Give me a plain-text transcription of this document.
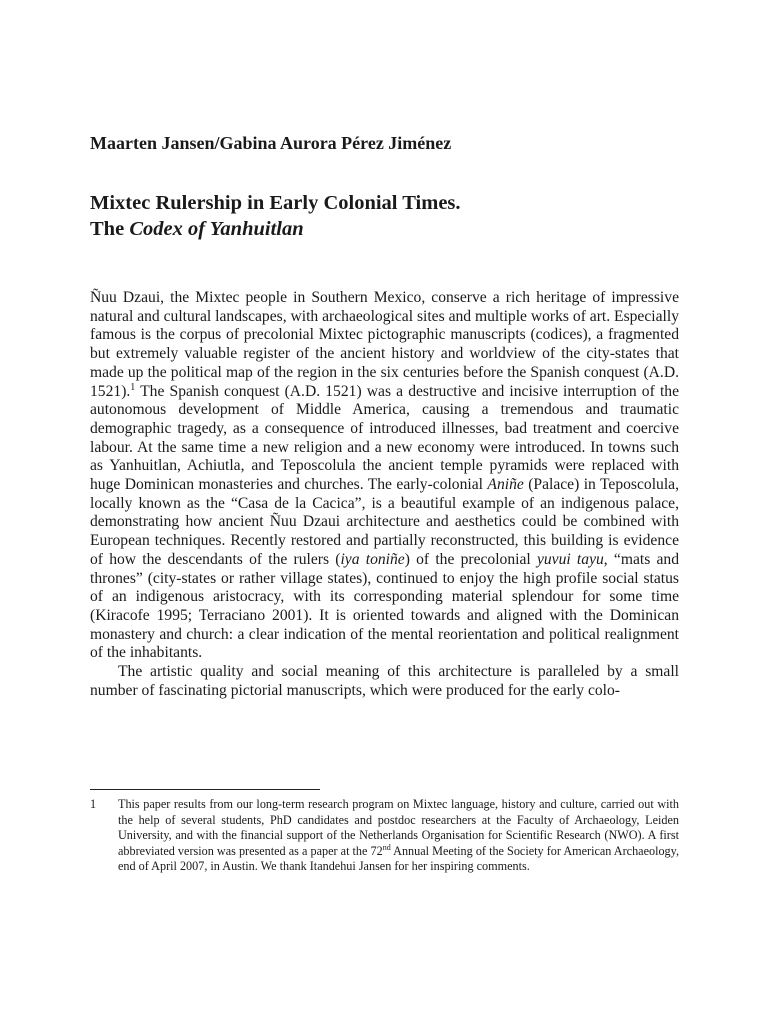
Maarten Jansen/Gabina Aurora Pérez Jiménez
Mixtec Rulership in Early Colonial Times.
The Codex of Yanhuitlan

Ñuu Dzaui, the Mixtec people in Southern Mexico, conserve a rich heritage of impressive natural and cultural landscapes, with archaeological sites and multiple works of art. Especially famous is the corpus of precolonial Mixtec pictographic manuscripts (codices), a fragmented but extremely valuable register of the ancient history and worldview of the city-states that made up the political map of the region in the six centuries before the Spanish conquest (A.D. 1521).$^1$ The Spanish conquest (A.D. 1521) was a destructive and incisive interruption of the autonomous development of Middle America, causing a tremendous and traumatic demographic tragedy, as a consequence of introduced illnesses, bad treatment and coercive labour. At the same time a new religion and a new economy were introduced. In towns such as Yanhuitlan, Achiutla, and Teposcolula the ancient temple pyramids were replaced with huge Dominican monasteries and churches. The early-colonial Aniñe (Palace) in Teposcolula, locally known as the “Casa de la Cacica”, is a beautiful example of an indigenous palace, demonstrating how ancient Ñuu Dzaui architecture and aesthetics could be combined with European techniques. Recently restored and partially reconstructed, this building is evidence of how the descendants of the rulers (iya toniñe) of the precolonial yuvui tayu, “mats and thrones” (city-states or rather village states), continued to enjoy the high profile social status of an indigenous aristocracy, with its corresponding material splendour for some time (Kiracofe 1995; Terraciano 2001). It is oriented towards and aligned with the Dominican monastery and church: a clear indication of the mental reorientation and political realignment of the inhabitants.

The artistic quality and social meaning of this architecture is paralleled by a small number of fascinating pictorial manuscripts, which were produced for the early colo-

1 This paper results from our long-term research program on Mixtec language, history and culture, carried out with the help of several students, PhD candidates and postdoc researchers at the Faculty of Archaeology, Leiden University, and with the financial support of the Netherlands Organisation for Scientific Research (NWO). A first abbreviated version was presented as a paper at the 72nd Annual Meeting of the Society for American Archaeology, end of April 2007, in Austin. We thank Itandehui Jansen for her inspiring comments.
